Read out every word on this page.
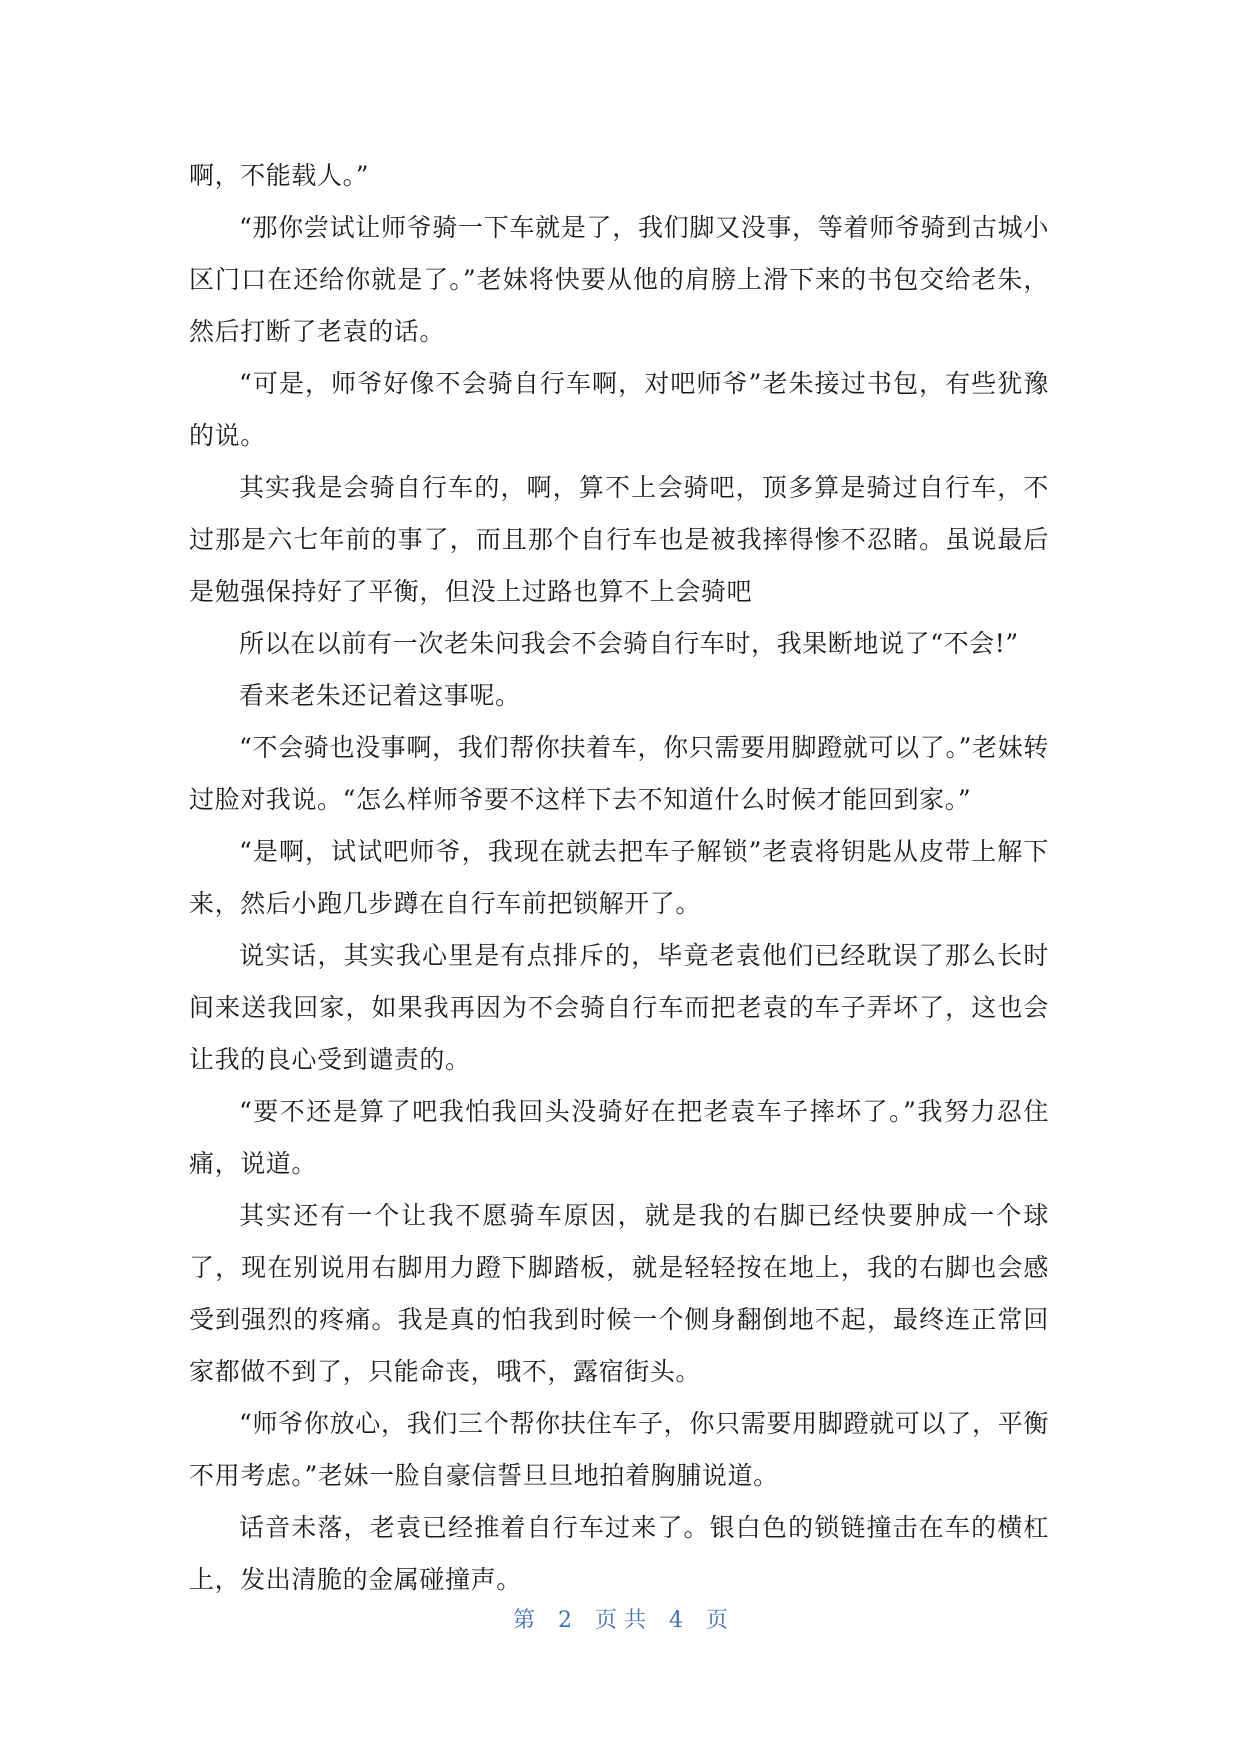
啊，不能载人。”

“那你尝试让师爷骑一下车就是了，我们脚又没事，等着师爷骑到古城小区门口在还给你就是了。”老妹将快要从他的肩膀上滑下来的书包交给老朱，然后打断了老袁的话。

“可是，师爷好像不会骑自行车啊，对吧师爷”老朱接过书包，有些犹豫的说。

其实我是会骑自行车的，啊，算不上会骑吧，顶多算是骑过自行车，不过那是六七年前的事了，而且那个自行车也是被我摔得惨不忍睹。虽说最后是勉强保持好了平衡，但没上过路也算不上会骑吧

所以在以前有一次老朱问我会不会骑自行车时，我果断地说了“不会!”

看来老朱还记着这事呢。

“不会骑也没事啊，我们帮你扶着车，你只需要用脚蹬就可以了。”老妹转过脸对我说。“怎么样师爷要不这样下去不知道什么时候才能回到家。”

“是啊，试试吧师爷，我现在就去把车子解锁”老袁将钥匙从皮带上解下来，然后小跑几步蹲在自行车前把锁解开了。

说实话，其实我心里是有点排斥的，毕竟老袁他们已经耽误了那么长时间来送我回家，如果我再因为不会骑自行车而把老袁的车子弄坏了，这也会让我的良心受到谴责的。

“要不还是算了吧我怕我回头没骑好在把老袁车子摔坏了。”我努力忍住痛，说道。

其实还有一个让我不愿骑车原因，就是我的右脚已经快要肿成一个球了，现在别说用右脚用力蹬下脚踏板，就是轻轻按在地上，我的右脚也会感受到强烈的疼痛。我是真的怕我到时候一个侧身翻倒地不起，最终连正常回家都做不到了，只能命丧，哦不，露宿街头。

“师爷你放心，我们三个帮你扶住车子，你只需要用脚蹬就可以了，平衡不用考虑。”老妹一脸自豪信誓旦旦地拍着胸脯说道。

话音未落，老袁已经推着自行车过来了。银白色的锁链撞击在车的横杠上，发出清脆的金属碰撞声。

第 2 页 共 4 页
